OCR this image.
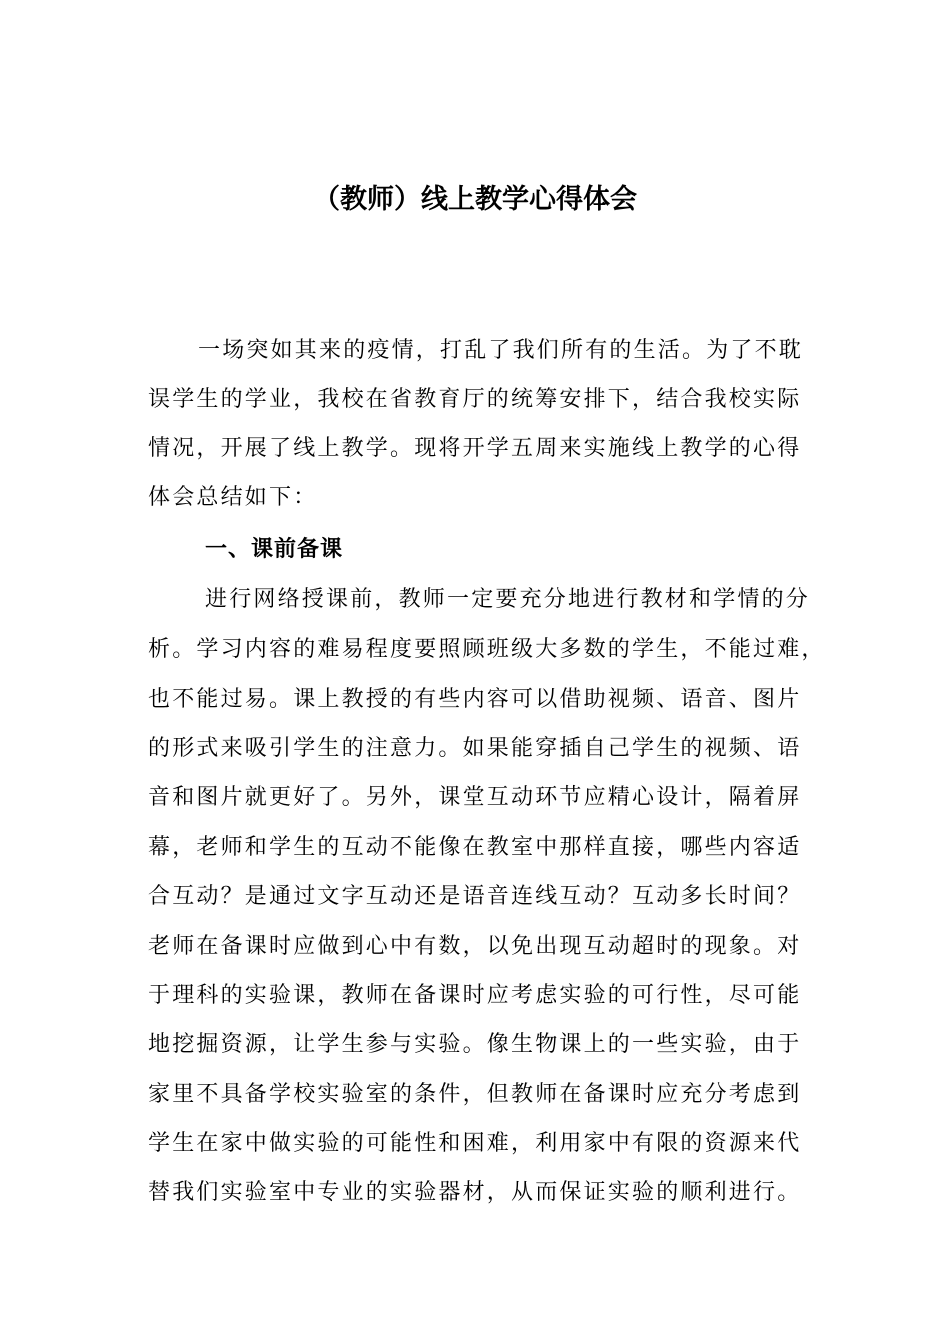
（教师）线上教学心得体会
一场突如其来的疫情，打乱了我们所有的生活。为了不耽
误学生的学业，我校在省教育厅的统筹安排下，结合我校实际
情况，开展了线上教学。现将开学五周来实施线上教学的心得
体会总结如下：
一、课前备课
进行网络授课前，教师一定要充分地进行教材和学情的分
析。学习内容的难易程度要照顾班级大多数的学生，不能过难，
也不能过易。课上教授的有些内容可以借助视频、语音、图片
的形式来吸引学生的注意力。如果能穿插自己学生的视频、语
音和图片就更好了。另外，课堂互动环节应精心设计，隔着屏
幕，老师和学生的互动不能像在教室中那样直接，哪些内容适
合互动？是通过文字互动还是语音连线互动？互动多长时间？
老师在备课时应做到心中有数，以免出现互动超时的现象。对
于理科的实验课，教师在备课时应考虑实验的可行性，尽可能
地挖掘资源，让学生参与实验。像生物课上的一些实验，由于
家里不具备学校实验室的条件，但教师在备课时应充分考虑到
学生在家中做实验的可能性和困难，利用家中有限的资源来代
替我们实验室中专业的实验器材，从而保证实验的顺利进行。
